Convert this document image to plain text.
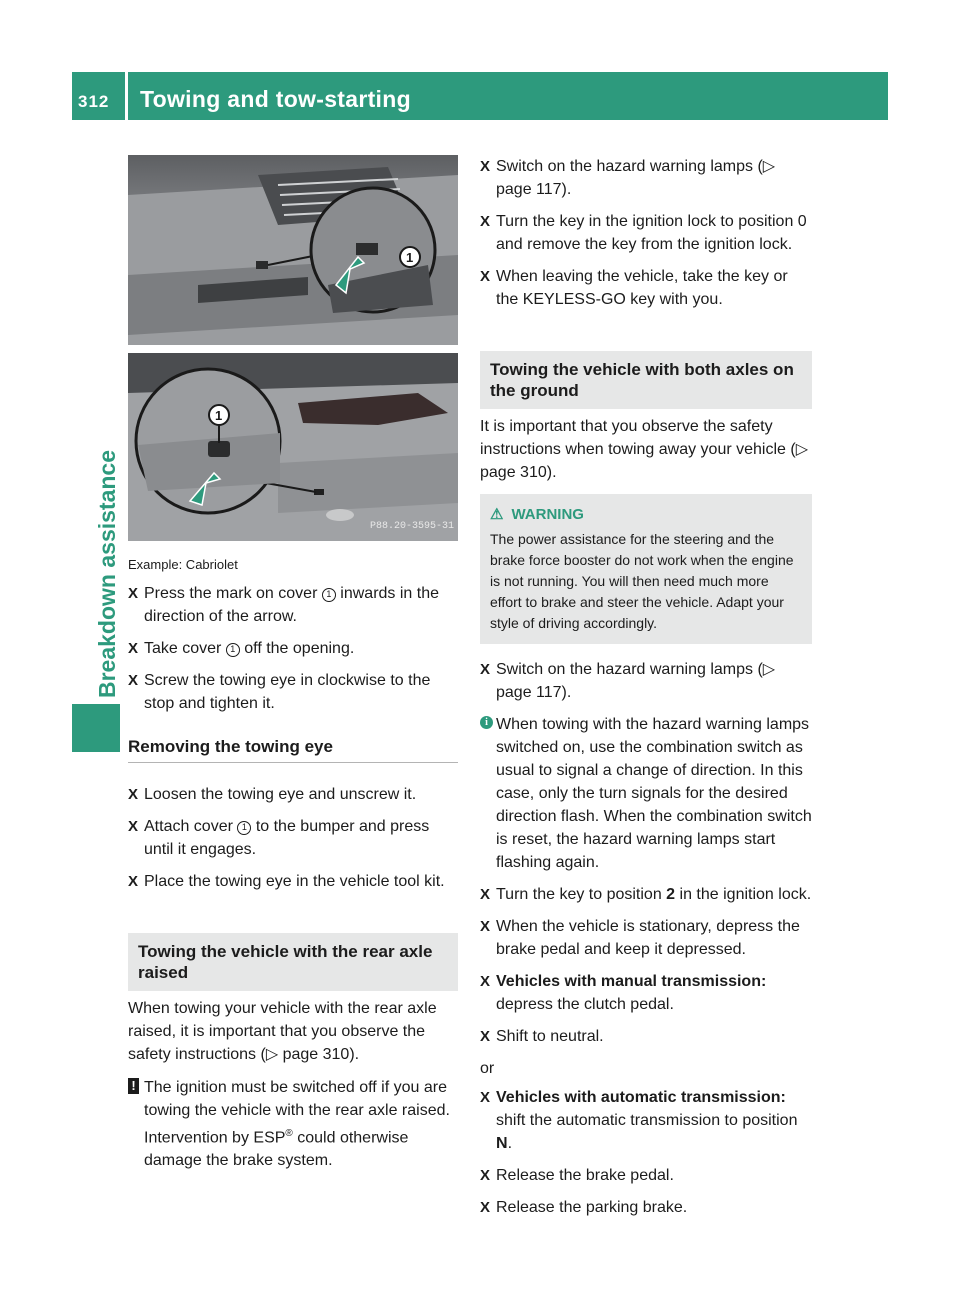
312	Towing and tow-starting
Breakdown assistance
1
1
P88.20-3595-31
Example: Cabriolet
X Press the mark on cover 1 inwards in the direction of the arrow.
X Take cover 1 off the opening.
X Screw the towing eye in clockwise to the stop and tighten it.
Removing the towing eye
X Loosen the towing eye and unscrew it.
X Attach cover 1 to the bumper and press until it engages.
X Place the towing eye in the vehicle tool kit.
Towing the vehicle with the rear axle raised
When towing your vehicle with the rear axle raised, it is important that you observe the safety instructions (▷ page 310).
! The ignition must be switched off if you are towing the vehicle with the rear axle raised. Intervention by ESP® could otherwise damage the brake system.
X Switch on the hazard warning lamps (▷ page 117).
X Turn the key in the ignition lock to position 0 and remove the key from the ignition lock.
X When leaving the vehicle, take the key or the KEYLESS-GO key with you.
Towing the vehicle with both axles on the ground
It is important that you observe the safety instructions when towing away your vehicle (▷ page 310).
⚠ WARNING
The power assistance for the steering and the brake force booster do not work when the engine is not running. You will then need much more effort to brake and steer the vehicle. Adapt your style of driving accordingly.
X Switch on the hazard warning lamps (▷ page 117).
i When towing with the hazard warning lamps switched on, use the combination switch as usual to signal a change of direction. In this case, only the turn signals for the desired direction flash. When the combination switch is reset, the hazard warning lamps start flashing again.
X Turn the key to position 2 in the ignition lock.
X When the vehicle is stationary, depress the brake pedal and keep it depressed.
X Vehicles with manual transmission:
depress the clutch pedal.
X Shift to neutral.
or
X Vehicles with automatic transmission:
shift the automatic transmission to position N.
X Release the brake pedal.
X Release the parking brake.
